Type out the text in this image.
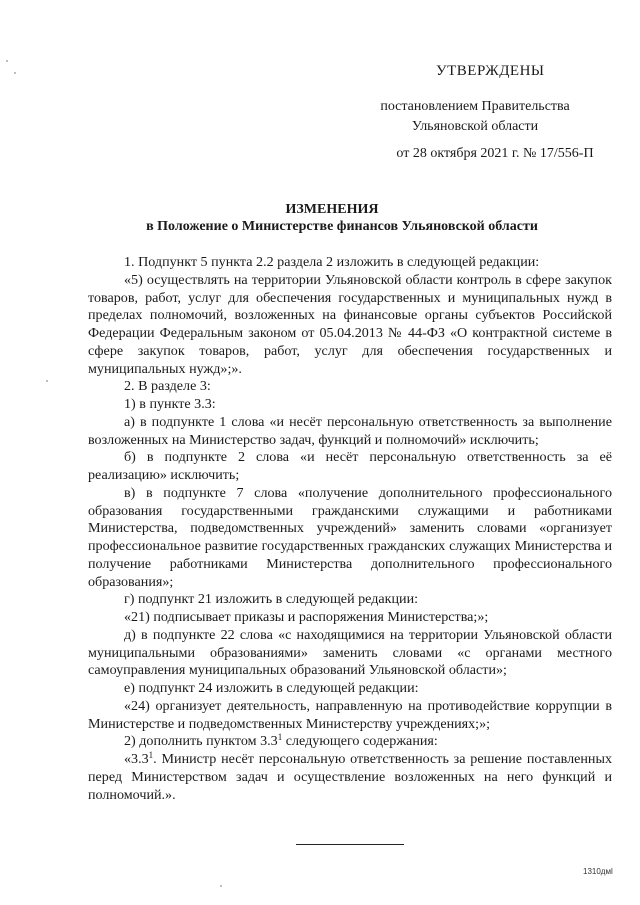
УТВЕРЖДЕНЫ
постановлением Правительства
Ульяновской области
от 28 октября 2021 г. № 17/556-П
ИЗМЕНЕНИЯ
в Положение о Министерстве финансов Ульяновской области

1. Подпункт 5 пункта 2.2 раздела 2 изложить в следующей редакции:

«5) осуществлять на территории Ульяновской области контроль в сфере закупок товаров, работ, услуг для обеспечения государственных и муниципальных нужд в пределах полномочий, возложенных на финансовые органы субъектов Российской Федерации Федеральным законом от 05.04.2013 № 44-ФЗ «О контрактной системе в сфере закупок товаров, работ, услуг для обеспечения государственных и муниципальных нужд»;».

2. В разделе 3:

1) в пункте 3.3:

а) в подпункте 1 слова «и несёт персональную ответственность за выполнение возложенных на Министерство задач, функций и полномочий» исключить;

б) в подпункте 2 слова «и несёт персональную ответственность за её реализацию» исключить;

в) в подпункте 7 слова «получение дополнительного профессионального образования государственными гражданскими служащими и работниками Министерства, подведомственных учреждений» заменить словами «организует профессиональное развитие государственных гражданских служащих Министерства и получение работниками Министерства дополнительного профессионального образования»;

г) подпункт 21 изложить в следующей редакции:

«21) подписывает приказы и распоряжения Министерства;»;

д) в подпункте 22 слова «с находящимися на территории Ульяновской области муниципальными образованиями» заменить словами «с органами местного самоуправления муниципальных образований Ульяновской области»;

е) подпункт 24 изложить в следующей редакции:

«24) организует деятельность, направленную на противодействие коррупции в Министерстве и подведомственных Министерству учреждениях;»;

2) дополнить пунктом $3.3^1$ следующего содержания:

«$3.3^1$. Министр несёт персональную ответственность за решение поставленных перед Министерством задач и осуществление возложенных на него функций и полномочий.».

1310дмl
